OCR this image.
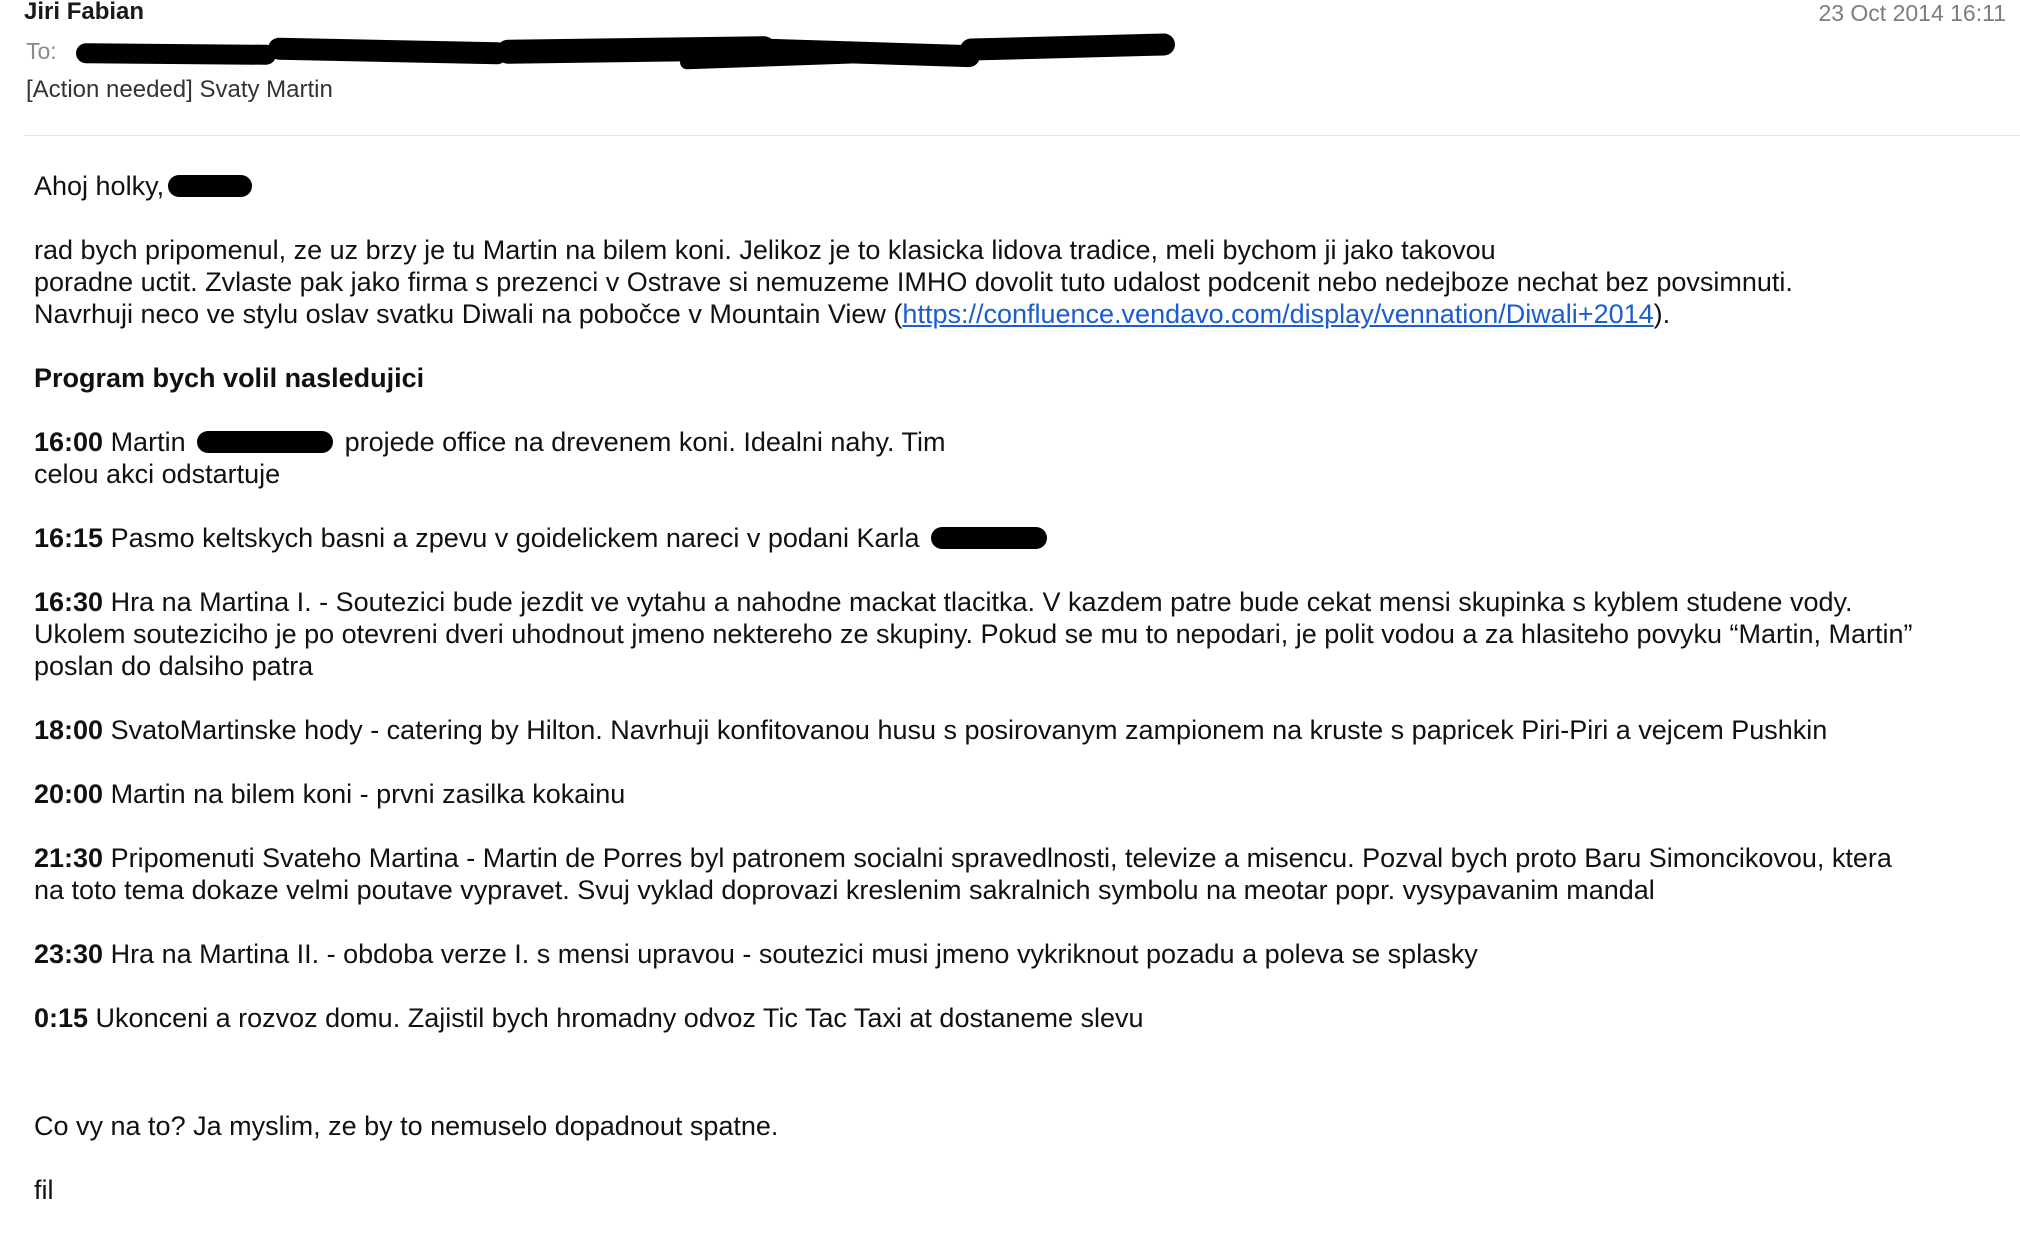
Jiri Fabian	23 Oct 2014 16:11
To:
[Action needed] Svaty Martin
Ahoj holky,
rad bych pripomenul, ze uz brzy je tu Martin na bilem koni. Jelikoz je to klasicka lidova tradice, meli bychom ji jako takovou
poradne uctit. Zvlaste pak jako firma s prezenci v Ostrave si nemuzeme IMHO dovolit tuto udalost podcenit nebo nedejboze nechat bez povsimnuti.
Navrhuji neco ve stylu oslav svatku Diwali na pobočce v Mountain View (https://confluence.vendavo.com/display/vennation/Diwali+2014).
Program bych volil nasledujici
16:00 Martin	projede office na drevenem koni. Idealni nahy. Tim
celou akci odstartuje
16:15 Pasmo keltskych basni a zpevu v goidelickem nareci v podani Karla
16:30 Hra na Martina I. - Soutezici bude jezdit ve vytahu a nahodne mackat tlacitka. V kazdem patre bude cekat mensi skupinka s kyblem studene vody.
Ukolem souteziciho je po otevreni dveri uhodnout jmeno nektereho ze skupiny. Pokud se mu to nepodari, je polit vodou a za hlasiteho povyku “Martin, Martin”
poslan do dalsiho patra
18:00 SvatoMartinske hody - catering by Hilton. Navrhuji konfitovanou husu s posirovanym zampionem na kruste s papricek Piri-Piri a vejcem Pushkin
20:00 Martin na bilem koni - prvni zasilka kokainu
21:30 Pripomenuti Svateho Martina - Martin de Porres byl patronem socialni spravedlnosti, televize a misencu. Pozval bych proto Baru Simoncikovou, ktera
na toto tema dokaze velmi poutave vypravet. Svuj vyklad doprovazi kreslenim sakralnich symbolu na meotar popr. vysypavanim mandal
23:30 Hra na Martina II. - obdoba verze I. s mensi upravou - soutezici musi jmeno vykriknout pozadu a poleva se splasky
0:15 Ukonceni a rozvoz domu. Zajistil bych hromadny odvoz Tic Tac Taxi at dostaneme slevu
Co vy na to? Ja myslim, ze by to nemuselo dopadnout spatne.
fil
